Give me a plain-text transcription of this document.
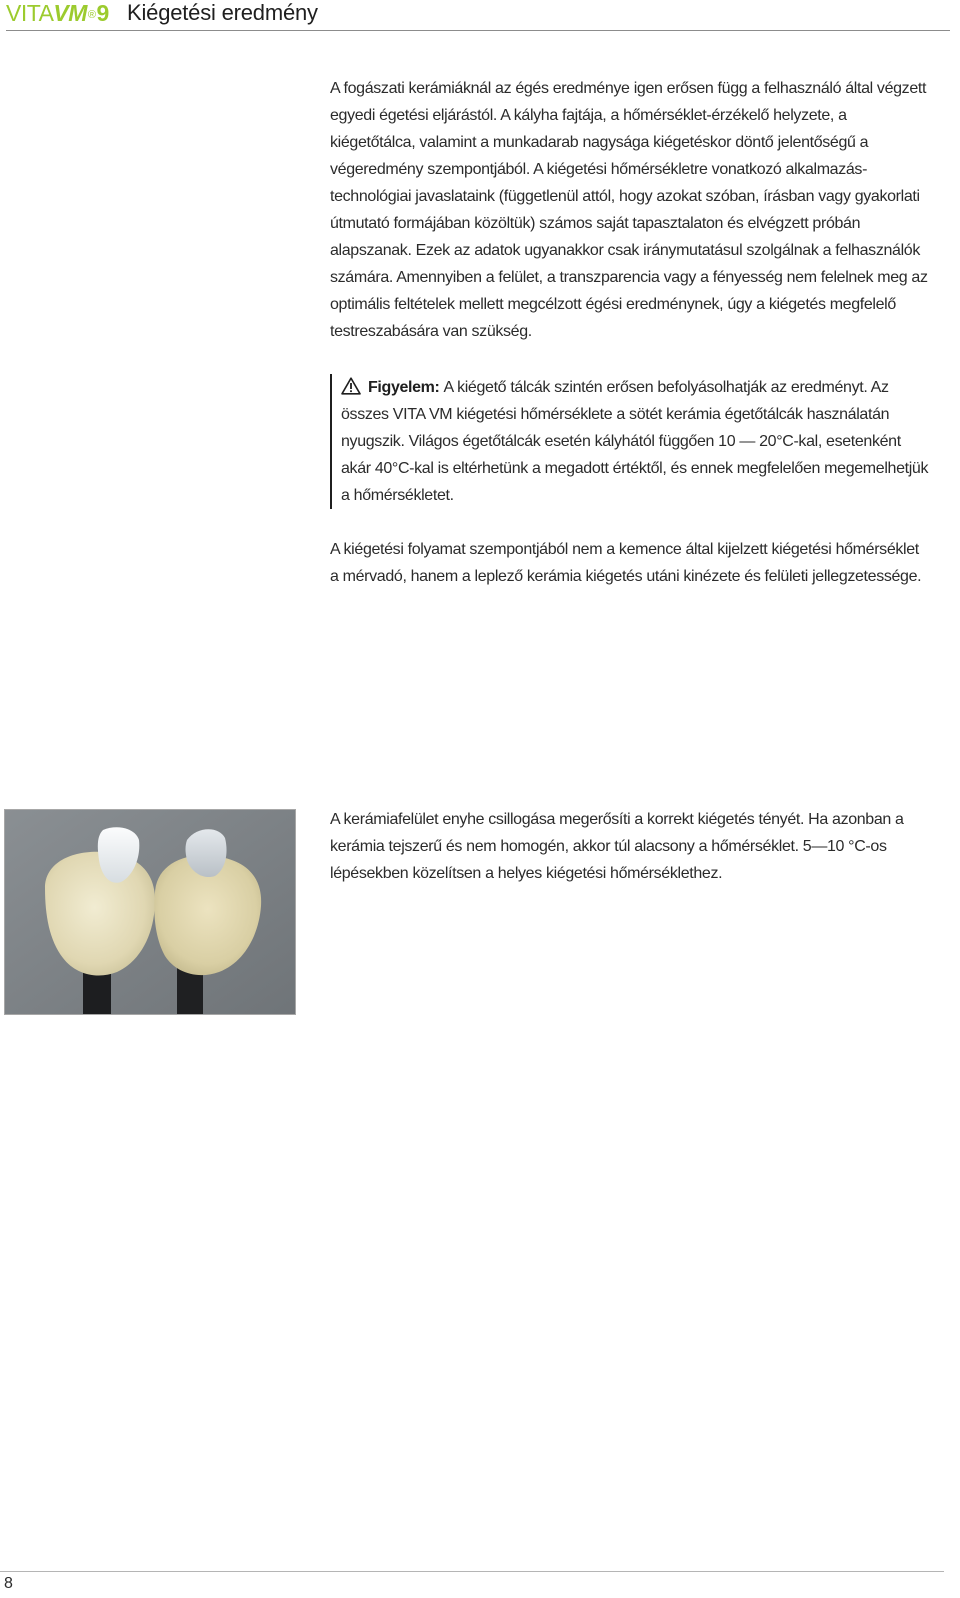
VITAVM®9 Kiégetési eredmény
A fogászati kerámiáknál az égés eredménye igen erősen függ a felhasználó által végzett egyedi égetési eljárástól. A kályha fajtája, a hőmérséklet-érzékelő helyzete, a kiégetőtálca, valamint a munkadarab nagysága kiégetéskor döntő jelentőségű a végeredmény szempontjából. A kiégetési hőmérsékletre vonatkozó alkalmazás-technológiai javaslataink (függetlenül attól, hogy azokat szóban, írásban vagy gyakorlati útmutató formájában közöltük) számos saját tapasztalaton és elvégzett próbán alapszanak. Ezek az adatok ugyanakkor csak iránymutatásul szolgálnak a felhasználók számára. Amennyiben a felület, a transzparencia vagy a fényesség nem felelnek meg az optimális feltételek mellett megcélzott égési eredménynek, úgy a kiégetés megfelelő testreszabására van szükség.
Figyelem: A kiégető tálcák szintén erősen befolyásolhatják az eredményt. Az összes VITA VM kiégetési hőmérséklete a sötét kerámia égetőtálcák használatán nyugszik. Világos égetőtálcák esetén kályhától függően 10 — 20°C-kal, esetenként akár 40°C-kal is eltérhetünk a megadott értéktől, és ennek megfelelően megemelhetjük a hőmérsékletet.
A kiégetési folyamat szempontjából nem a kemence által kijelzett kiégetési hőmérséklet a mérvadó, hanem a leplező kerámia kiégetés utáni kinézete és felületi jellegzetessége.
A kerámiafelület enyhe csillogása megerősíti a korrekt kiégetés tényét. Ha azonban a kerámia tejszerű és nem homogén, akkor túl alacsony a hőmérséklet. 5—10 °C-os lépésekben közelítsen a helyes kiégetési hőmérséklethez.
8
